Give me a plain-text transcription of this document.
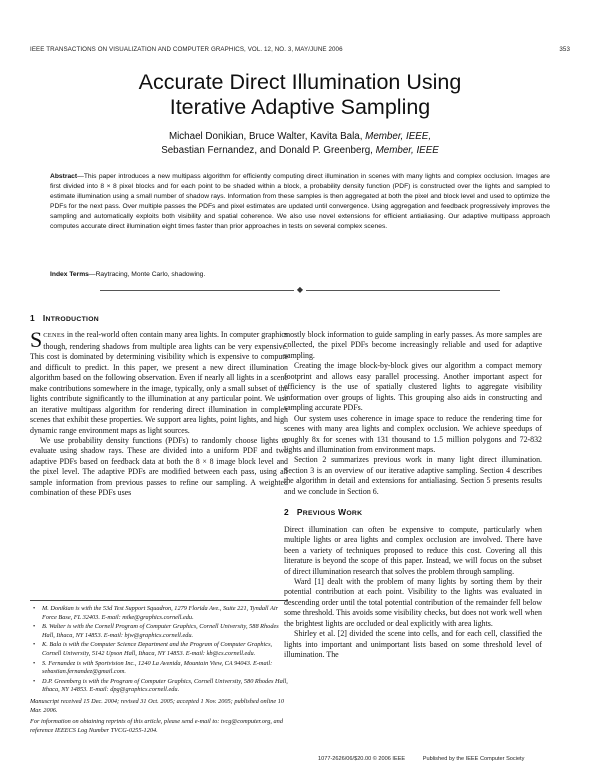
IEEE TRANSACTIONS ON VISUALIZATION AND COMPUTER GRAPHICS, VOL. 12, NO. 3, MAY/JUNE 2006	353
Accurate Direct Illumination Using
Iterative Adaptive Sampling
Michael Donikian, Bruce Walter, Kavita Bala, Member, IEEE,
Sebastian Fernandez, and Donald P. Greenberg, Member, IEEE
Abstract—This paper introduces a new multipass algorithm for efficiently computing direct illumination in scenes with many lights and complex occlusion. Images are first divided into 8 × 8 pixel blocks and for each point to be shaded within a block, a probability density function (PDF) is constructed over the lights and sampled to estimate illumination using a small number of shadow rays. Information from these samples is then aggregated at both the pixel and block level and used to optimize the PDFs for the next pass. Over multiple passes the PDFs and pixel estimates are updated until convergence. Using aggregation and feedback progressively improves the sampling and automatically exploits both visibility and spatial coherence. We also use novel extensions for efficient antialiasing. Our adaptive multipass approach computes accurate direct illumination eight times faster than prior approaches in tests on several complex scenes.
Index Terms—Raytracing, Monte Carlo, shadowing.
◆
1 INTRODUCTION

SCENES in the real-world often contain many area lights. In computer graphics though, rendering shadows from multiple area lights can be very expensive. This cost is dominated by determining visibility which is expensive to compute and difficult to predict. In this paper, we present a new direct illumination algorithm based on the following observation. Even if nearly all lights in a scene make contributions somewhere in the image, typically, only a small subset of the lights contribute significantly to the illumination at any particular point. We use an iterative multipass algorithm for rendering direct illumination in complex scenes that exhibit these properties. We support area lights, point lights, and high dynamic range environment maps as light sources.

We use probability density functions (PDFs) to randomly choose lights to evaluate using shadow rays. These are divided into a uniform PDF and two adaptive PDFs based on feedback data at both the 8 × 8 image block level and the pixel level. The adaptive PDFs are modified between each pass, using all sample information from previous passes to refine our sampling. A weighted combination of these PDFs uses

• M. Donikian is with the 53d Test Support Squadron, 1279 Florida Ave., Suite 221, Tyndall Air Force Base, FL 32403. E-mail: mike@graphics.cornell.edu.
• B. Walter is with the Cornell Program of Computer Graphics, Cornell University, 588 Rhodes Hall, Ithaca, NY 14853. E-mail: bjw@graphics.cornell.edu.
• K. Bala is with the Computer Science Department and the Program of Computer Graphics, Cornell University, 5142 Upson Hall, Ithaca, NY 14853. E-mail: kb@cs.cornell.edu.
• S. Fernandez is with Sportvision Inc., 1240 La Avenida, Mountain View, CA 94043. E-mail: sebastian.fernandez@gmail.com.
• D.P. Greenberg is with the Program of Computer Graphics, Cornell University, 580 Rhodes Hall, Ithaca, NY 14853. E-mail: dpg@graphics.cornell.edu.
Manuscript received 15 Dec. 2004; revised 31 Oct. 2005; accepted 1 Nov. 2005; published online 10 Mar. 2006.
For information on obtaining reprints of this article, please send e-mail to: tvcg@computer.org, and reference IEEECS Log Number TVCG-0255-1204.

mostly block information to guide sampling in early passes. As more samples are collected, the pixel PDFs become increasingly reliable and used for adaptive sampling.

Creating the image block-by-block gives our algorithm a compact memory footprint and allows easy parallel processing. Another important aspect for efficiency is the use of spatially clustered lights to aggregate visibility information over groups of lights. This grouping also aids in constructing and sampling accurate PDFs.

Our system uses coherence in image space to reduce the rendering time for scenes with many area lights and complex occlusion. We achieve speedups of roughly 8x for scenes with 131 thousand to 1.5 million polygons and 72-832 lights and illumination from environment maps.

Section 2 summarizes previous work in many light direct illumination. Section 3 is an overview of our iterative adaptive sampling. Section 4 describes the algorithm in detail and extensions for antialiasing. Section 5 presents results and we conclude in Section 6.

2 PREVIOUS WORK

Direct illumination can often be expensive to compute, particularly when multiple lights or area lights and complex occlusion are involved. There have been a variety of techniques proposed to reduce this cost. Covering all this literature is beyond the scope of this paper. Instead, we will focus on the subset of direct illumination research that solves the problem through sampling.

Ward [1] dealt with the problem of many lights by sorting them by their potential contribution at each point. Visibility to the lights was evaluated in descending order until the total potential contribution of the remainder fell below some threshold. This avoids some visibility checks, but does not work well when the brightest lights are occluded or deal explicitly with area lights.

Shirley et al. [2] divided the scene into cells, and for each cell, classified the lights into important and unimportant lists based on some threshold level of illumination. The

1077-2626/06/$20.00 © 2006 IEEE	Published by the IEEE Computer Society
